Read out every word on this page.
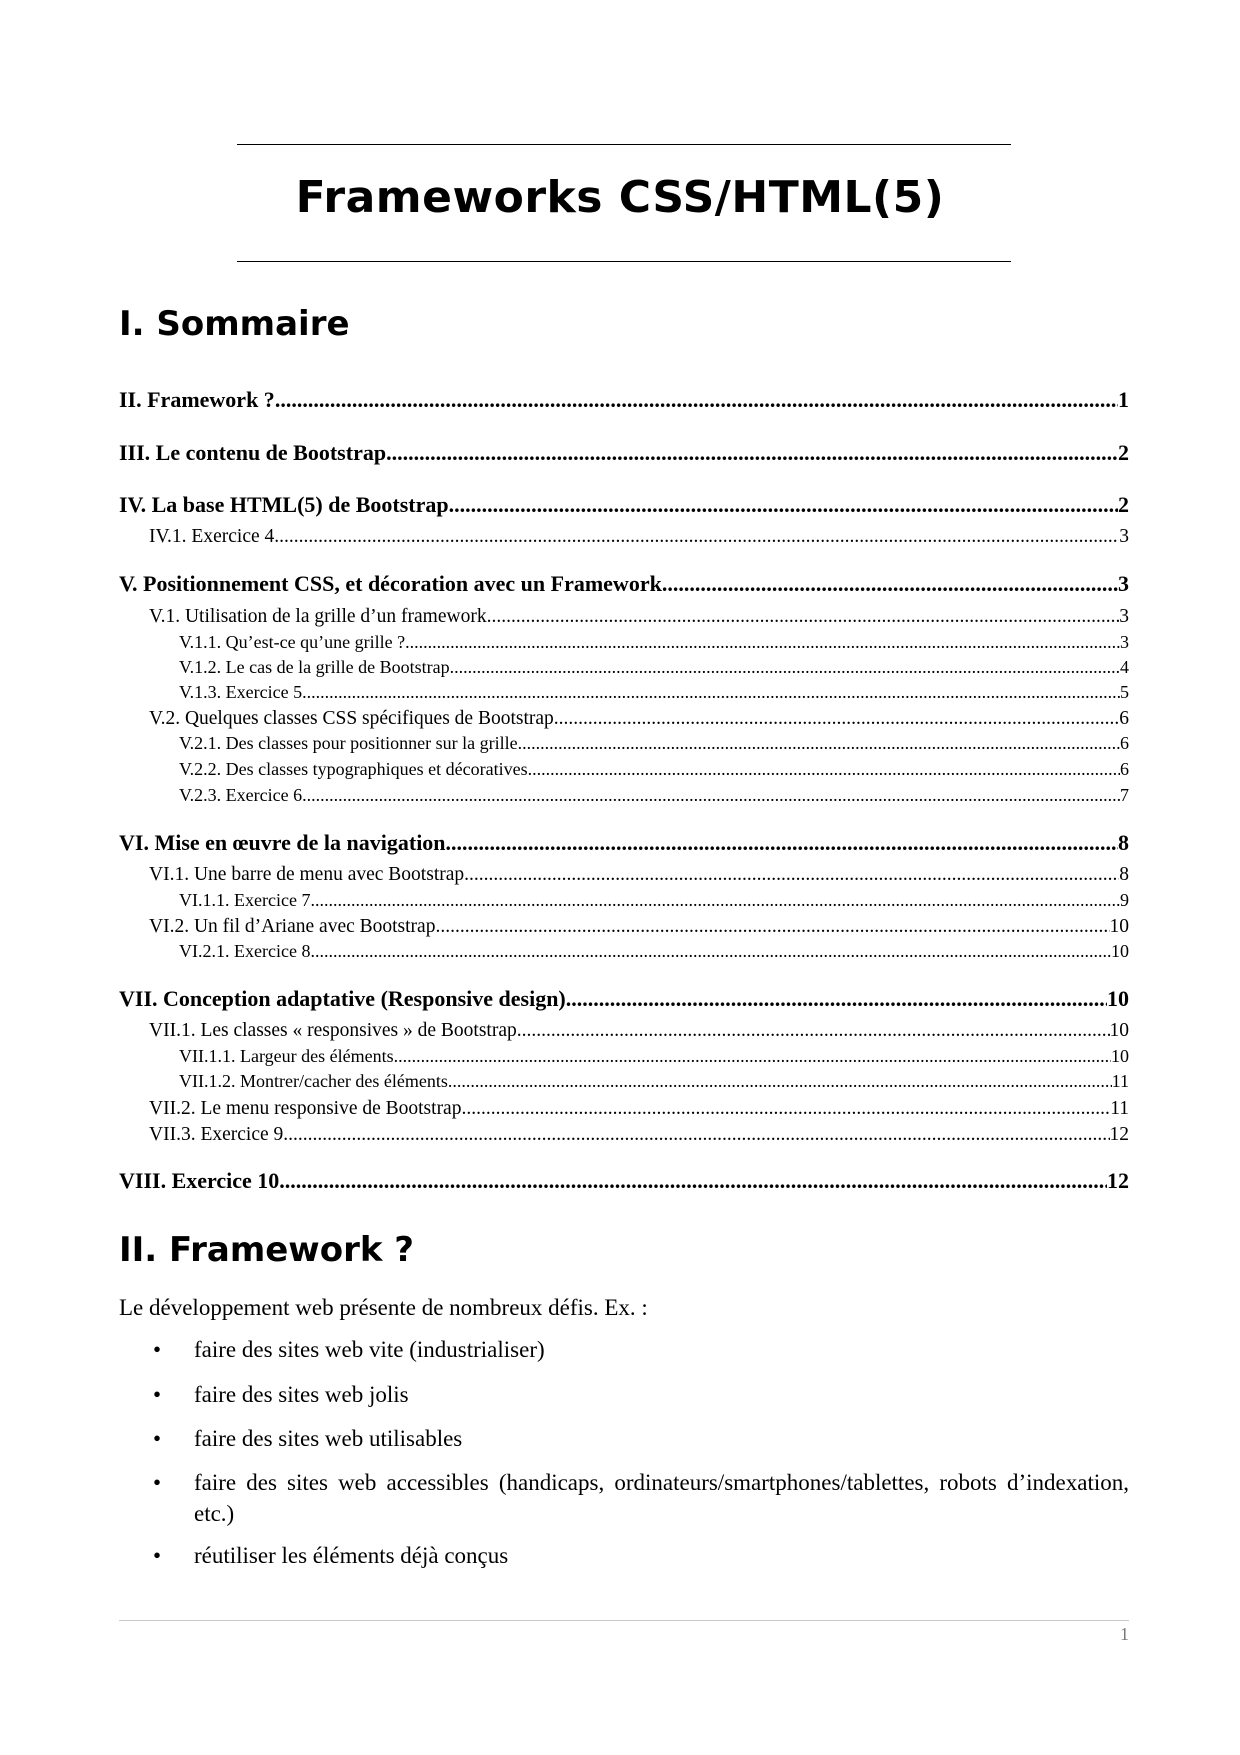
Frameworks CSS/HTML(5)
I. Sommaire
II. Framework ? .....	1
III. Le contenu de Bootstrap .....	2
IV. La base HTML(5) de Bootstrap .....	2
IV.1. Exercice 4 .....	3
V. Positionnement CSS, et décoration avec un Framework .....	3
V.1. Utilisation de la grille d’un framework .....	3
V.1.1. Qu’est-ce qu’une grille ? .....	3
V.1.2. Le cas de la grille de Bootstrap .....	4
V.1.3. Exercice 5 .....	5
V.2. Quelques classes CSS spécifiques de Bootstrap .....	6
V.2.1. Des classes pour positionner sur la grille .....	6
V.2.2. Des classes typographiques et décoratives .....	6
V.2.3. Exercice 6 .....	7
VI. Mise en œuvre de la navigation .....	8
VI.1. Une barre de menu avec Bootstrap .....	8
VI.1.1. Exercice 7 .....	9
VI.2. Un fil d’Ariane avec Bootstrap .....	10
VI.2.1. Exercice 8 .....	10
VII. Conception adaptative (Responsive design) .....	10
VII.1. Les classes « responsives » de Bootstrap .....	10
VII.1.1. Largeur des éléments .....	10
VII.1.2. Montrer/cacher des éléments .....	11
VII.2. Le menu responsive de Bootstrap .....	11
VII.3. Exercice 9 .....	12
VIII. Exercice 10 .....	12
II. Framework ?
Le développement web présente de nombreux défis. Ex. :
• faire des sites web vite (industrialiser)
• faire des sites web jolis
• faire des sites web utilisables
• faire des sites web accessibles (handicaps, ordinateurs/smartphones/tablettes, robots d’indexation, etc.)
• réutiliser les éléments déjà conçus
1
